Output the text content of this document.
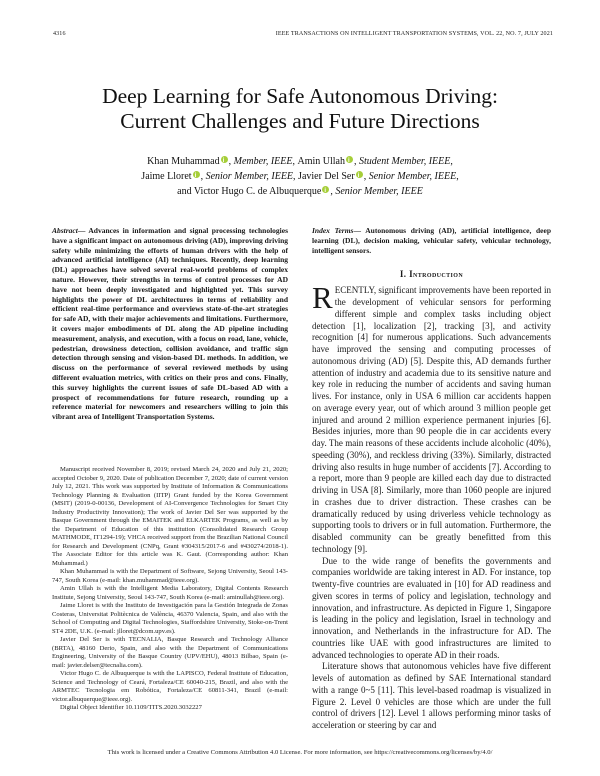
4316	IEEE TRANSACTIONS ON INTELLIGENT TRANSPORTATION SYSTEMS, VOL. 22, NO. 7, JULY 2021
Deep Learning for Safe Autonomous Driving:
Current Challenges and Future Directions
Khan Muhammad i , Member, IEEE, Amin Ullah i , Student Member, IEEE,
Jaime Lloret i , Senior Member, IEEE, Javier Del Ser i , Senior Member, IEEE,
and Victor Hugo C. de Albuquerque i , Senior Member, IEEE

Abstract— Advances in information and signal processing technologies have a significant impact on autonomous driving (AD), improving driving safety while minimizing the efforts of human drivers with the help of advanced artificial intelligence (AI) techniques. Recently, deep learning (DL) approaches have solved several real-world problems of complex nature. However, their strengths in terms of control processes for AD have not been deeply investigated and highlighted yet. This survey highlights the power of DL architectures in terms of reliability and efficient real-time performance and overviews state-of-the-art strategies for safe AD, with their major achievements and limitations. Furthermore, it covers major embodiments of DL along the AD pipeline including measurement, analysis, and execution, with a focus on road, lane, vehicle, pedestrian, drowsiness detection, collision avoidance, and traffic sign detection through sensing and vision-based DL methods. In addition, we discuss on the performance of several reviewed methods by using different evaluation metrics, with critics on their pros and cons. Finally, this survey highlights the current issues of safe DL-based AD with a prospect of recommendations for future research, rounding up a reference material for newcomers and researchers willing to join this vibrant area of Intelligent Transportation Systems.

Manuscript received November 8, 2019; revised March 24, 2020 and July 21, 2020; accepted October 9, 2020. Date of publication December 7, 2020; date of current version July 12, 2021. This work was supported by Institute of Information & Communications Technology Planning & Evaluation (IITP) Grant funded by the Korea Government (MSIT) (2019-0-00136, Development of AI-Convergence Technologies for Smart City Industry Productivity Innovation); The work of Javier Del Ser was supported by the Basque Government through the EMAITEK and ELKARTEK Programs, as well as by the Department of Education of this institution (Consolidated Research Group MATHMODE, IT1294-19); VHCA received support from the Brazilian National Council for Research and Development (CNPq, Grant #304315/2017-6 and #430274/2018-1). The Associate Editor for this article was K. Gaut. (Corresponding author: Khan Muhammad.)

Khan Muhammad is with the Department of Software, Sejong University, Seoul 143-747, South Korea (e-mail: khan.muhammad@ieee.org).

Amin Ullah is with the Intelligent Media Laboratory, Digital Contents Research Institute, Sejong University, Seoul 143-747, South Korea (e-mail: aminullah@ieee.org).

Jaime Lloret is with the Instituto de Investigación para la Gestión Integrada de Zonas Costeras, Universitat Politècnica de València, 46370 Valencia, Spain, and also with the School of Computing and Digital Technologies, Staffordshire University, Stoke-on-Trent ST4 2DE, U.K. (e-mail: jlloret@dcom.upv.es).

Javier Del Ser is with TECNALIA, Basque Research and Technology Alliance (BRTA), 48160 Derio, Spain, and also with the Department of Communications Engineering, University of the Basque Country (UPV/EHU), 48013 Bilbao, Spain (e-mail: javier.delser@tecnalia.com).

Victor Hugo C. de Albuquerque is with the LAPISCO, Federal Institute of Education, Science and Technology of Ceará, Fortaleza/CE 60040-215, Brazil, and also with the ARMTEC Tecnologia em Robótica, Fortaleza/CE 60811-341, Brazil (e-mail: victor.albuquerque@ieee.org).

Digital Object Identifier 10.1109/TITS.2020.3032227

Index Terms— Autonomous driving (AD), artificial intelligence, deep learning (DL), decision making, vehicular safety, vehicular technology, intelligent sensors.

I. Introduction

RECENTLY, significant improvements have been reported in the development of vehicular sensors for performing different simple and complex tasks including object detection [1], localization [2], tracking [3], and activity recognition [4] for numerous applications. Such advancements have improved the sensing and computing processes of autonomous driving (AD) [5]. Despite this, AD demands further attention of industry and academia due to its sensitive nature and key role in reducing the number of accidents and saving human lives. For instance, only in USA 6 million car accidents happen on average every year, out of which around 3 million people get injured and around 2 million experience permanent injuries [6]. Besides injuries, more than 90 people die in car accidents every day. The main reasons of these accidents include alcoholic (40%), speeding (30%), and reckless driving (33%). Similarly, distracted driving also results in huge number of accidents [7]. According to a report, more than 9 people are killed each day due to distracted driving in USA [8]. Similarly, more than 1060 people are injured in crashes due to driver distraction. These crashes can be dramatically reduced by using driverless vehicle technology as supporting tools to drivers or in full automation. Furthermore, the disabled community can be greatly benefitted from this technology [9].

Due to the wide range of benefits the governments and companies worldwide are taking interest in AD. For instance, top twenty-five countries are evaluated in [10] for AD readiness and given scores in terms of policy and legislation, technology and innovation, and infrastructure. As depicted in Figure 1, Singapore is leading in the policy and legislation, Israel in technology and innovation, and Netherlands in the infrastructure for AD. The countries like UAE with good infrastructures are limited to advanced technologies to operate AD in their roads.

Literature shows that autonomous vehicles have five different levels of automation as defined by SAE International standard with a range 0~5 [11]. This level-based roadmap is visualized in Figure 2. Level 0 vehicles are those which are under the full control of drivers [12]. Level 1 allows performing minor tasks of acceleration or steering by car and

This work is licensed under a Creative Commons Attribution 4.0 License. For more information, see https://creativecommons.org/licenses/by/4.0/
